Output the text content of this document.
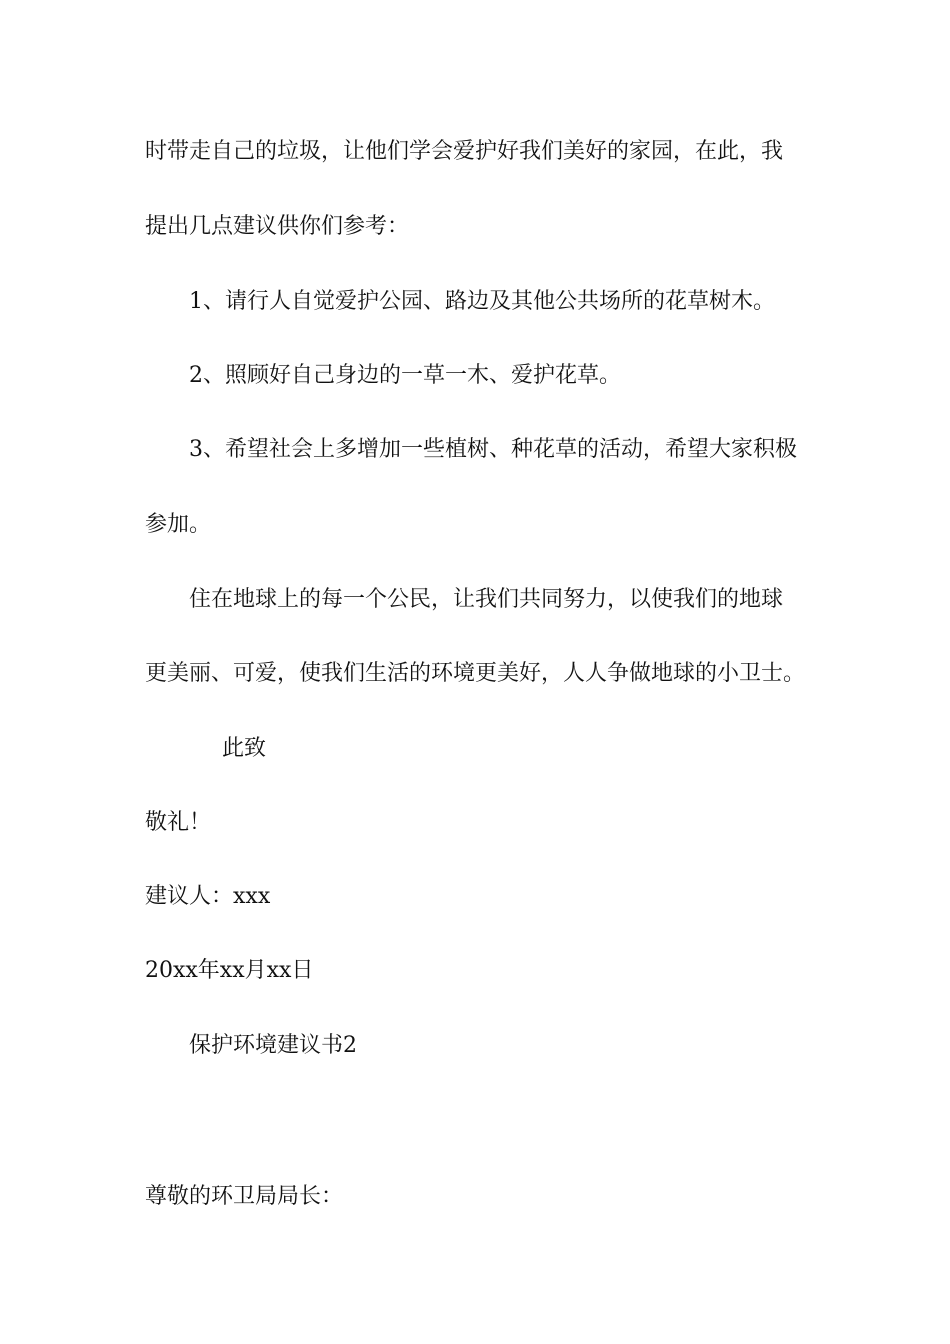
时带走自己的垃圾，让他们学会爱护好我们美好的家园，在此，我
提出几点建议供你们参考：
1、请行人自觉爱护公园、路边及其他公共场所的花草树木。
2、照顾好自己身边的一草一木、爱护花草。
3、希望社会上多增加一些植树、种花草的活动，希望大家积极
参加。
住在地球上的每一个公民，让我们共同努力，以使我们的地球
更美丽、可爱，使我们生活的环境更美好，人人争做地球的小卫士。
此致
敬礼！
建议人：xxx
20xx年xx月xx日
保护环境建议书2
尊敬的环卫局局长：
